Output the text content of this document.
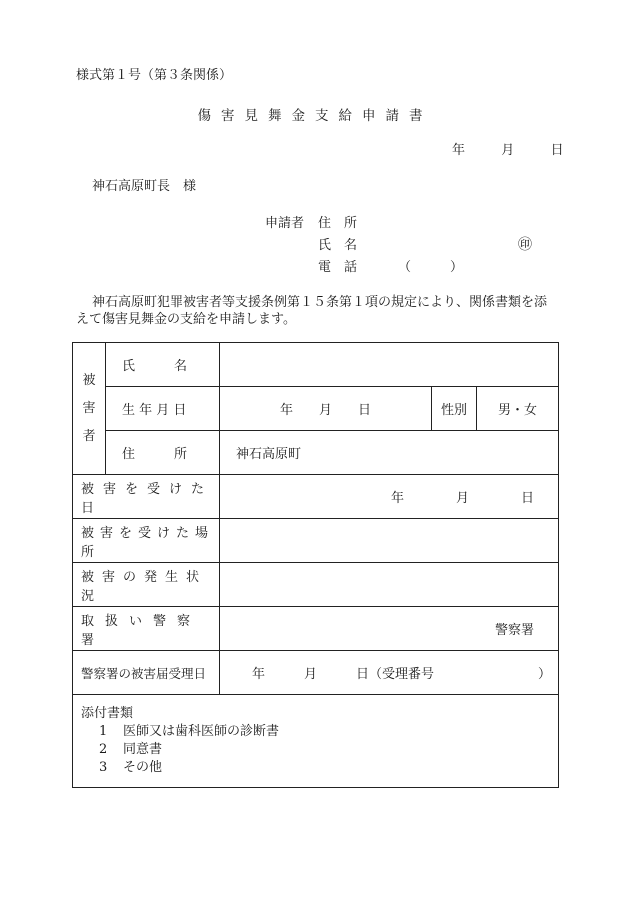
様式第１号（第３条関係）
傷害見舞金支給申請書
年	月	日
神石高原町長　様
申請者 住　所
氏　名	㊞
電　話	（　　　）
神石高原町犯罪被害者等支援条例第１５条第１項の規定により、関係書類を添えて傷害見舞金の支給を申請します。
被害者	氏　　　名			
	生 年 月 日	年　　月　　日	性別	男・女
	住　　　所	神石高原町		
被害を受けた日		年　　　　月　　　　日		
被害を受けた場所				
被害の発生状況				
取扱い警察署		警察署		
警察署の被害届受理日		年　　　月　　　日（受理番号　　　　　　　　）		

添付書類
1 医師又は歯科医師の診断書
2 同意書
3 その他				
